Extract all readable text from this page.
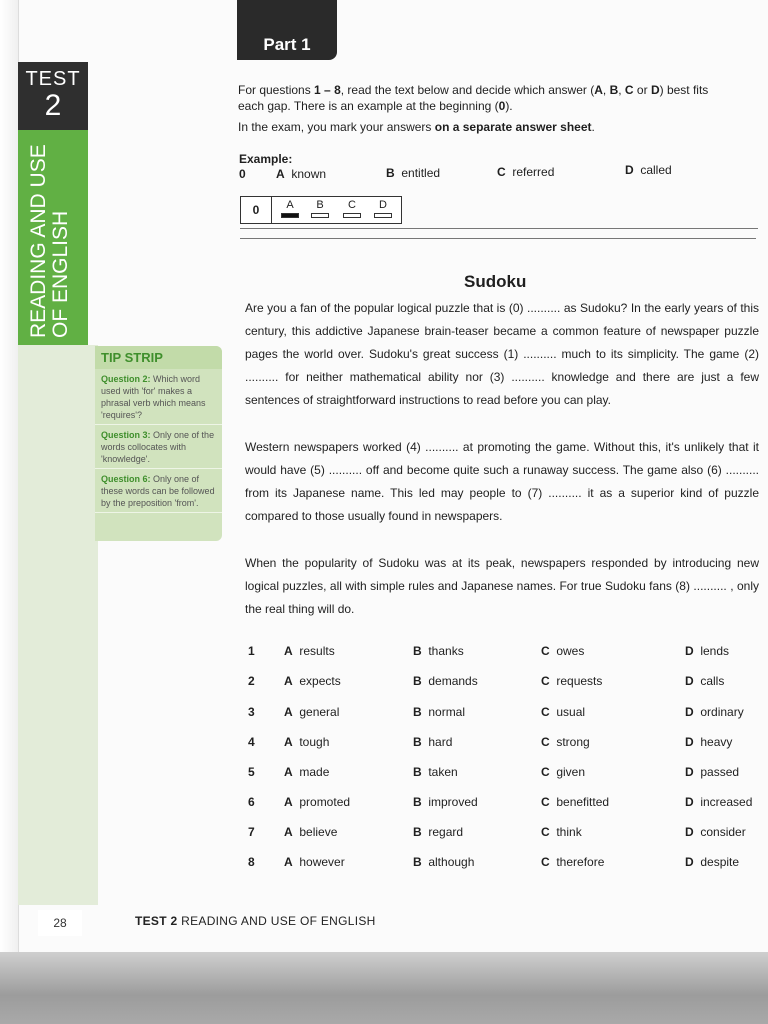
TEST
2
READING AND USE OF ENGLISH
Part 1
For questions 1 – 8, read the text below and decide which answer (A, B, C or D) best fits
each gap. There is an example at the beginning (0).
In the exam, you mark your answers on a separate answer sheet.
Example:
0	A known	B entitled	C referred	D called
0	A	B	C	D
TIP STRIP
Question 2: Which word used with 'for' makes a phrasal verb which means 'requires'?
Question 3: Only one of the words collocates with 'knowledge'.
Question 6: Only one of these words can be followed by the preposition 'from'.
Sudoku
Are you a fan of the popular logical puzzle that is (0) .......... as Sudoku? In the early years of this century, this addictive Japanese brain-teaser became a common feature of newspaper puzzle pages the world over. Sudoku's great success (1) .......... much to its simplicity. The game (2) .......... for neither mathematical ability nor (3) .......... knowledge and there are just a few sentences of straightforward instructions to read before you can play.
Western newspapers worked (4) .......... at promoting the game. Without this, it's unlikely that it would have (5) .......... off and become quite such a runaway success. The game also (6) .......... from its Japanese name. This led may people to (7) .......... it as a superior kind of puzzle compared to those usually found in newspapers.
When the popularity of Sudoku was at its peak, newspapers responded by introducing new logical puzzles, all with simple rules and Japanese names. For true Sudoku fans (8) .......... , only the real thing will do.
1 A results	B thanks	C owes	D lends
2 A expects	B demands	C requests	D calls
3 A general	B normal	C usual	D ordinary
4 A tough	B hard	C strong	D heavy
5 A made	B taken	C given	D passed
6 A promoted	B improved	C benefitted	D increased
7 A believe	B regard	C think	D consider
8 A however	B although	C therefore	D despite
28	TEST 2 READING AND USE OF ENGLISH
